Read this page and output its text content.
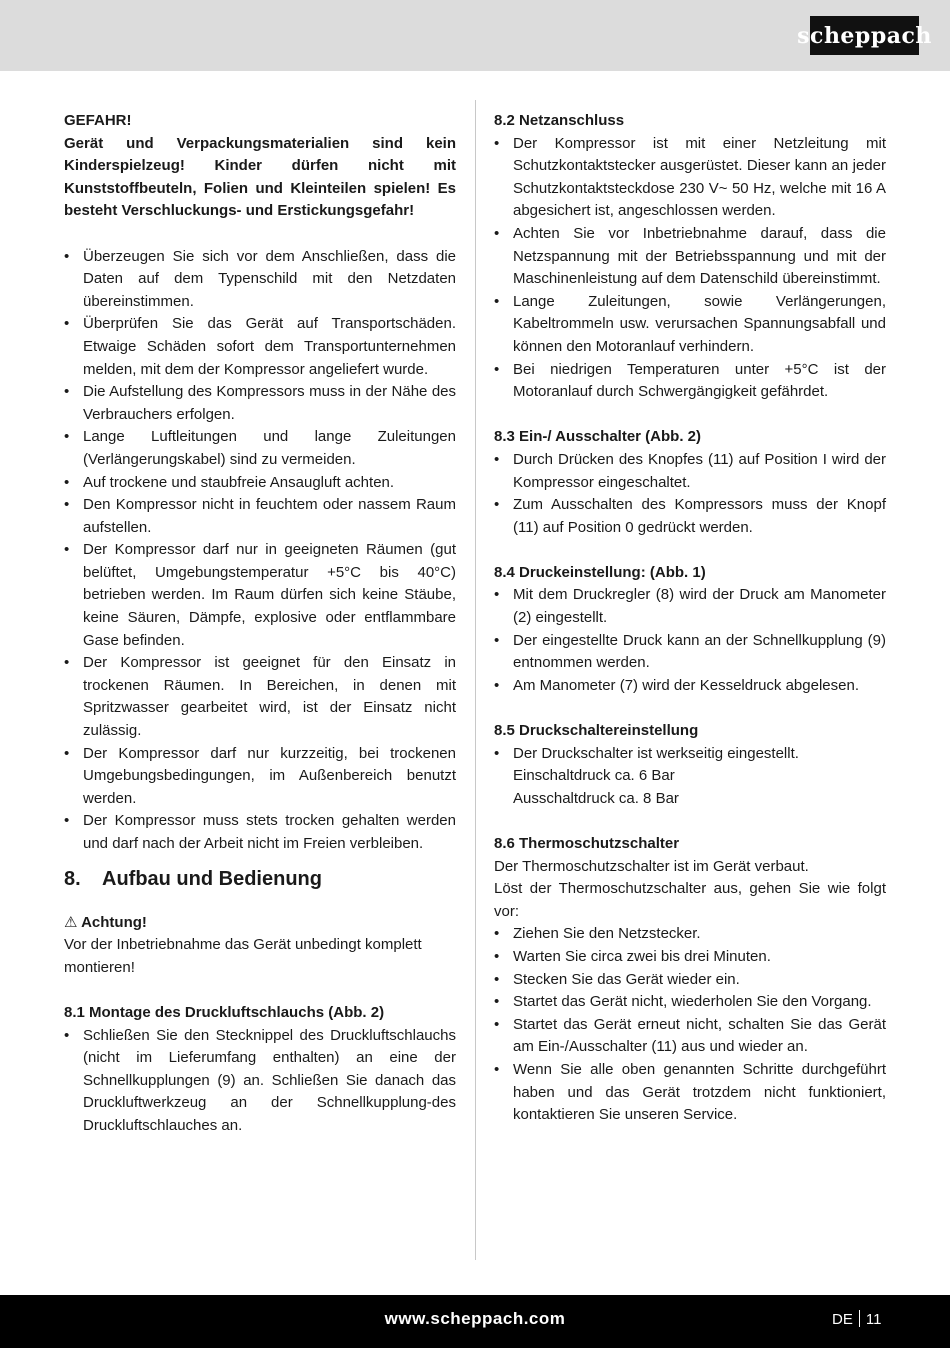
scheppach
GEFAHR!
Gerät und Verpackungsmaterialien sind kein Kinderspielzeug! Kinder dürfen nicht mit Kunststoffbeuteln, Folien und Kleinteilen spielen! Es besteht Verschluckungs- und Erstickungsgefahr!
• Überzeugen Sie sich vor dem Anschließen, dass die Daten auf dem Typenschild mit den Netzdaten übereinstimmen.
• Überprüfen Sie das Gerät auf Transportschäden. Etwaige Schäden sofort dem Transportunternehmen melden, mit dem der Kompressor angeliefert wurde.
• Die Aufstellung des Kompressors muss in der Nähe des Verbrauchers erfolgen.
• Lange Luftleitungen und lange Zuleitungen (Verlängerungskabel) sind zu vermeiden.
• Auf trockene und staubfreie Ansaugluft achten.
• Den Kompressor nicht in feuchtem oder nassem Raum aufstellen.
• Der Kompressor darf nur in geeigneten Räumen (gut belüftet, Umgebungstemperatur +5°C bis 40°C) betrieben werden. Im Raum dürfen sich keine Stäube, keine Säuren, Dämpfe, explosive oder entflammbare Gase befinden.
• Der Kompressor ist geeignet für den Einsatz in trockenen Räumen. In Bereichen, in denen mit Spritzwasser gearbeitet wird, ist der Einsatz nicht zulässig.
• Der Kompressor darf nur kurzzeitig, bei trockenen Umgebungsbedingungen, im Außenbereich benutzt werden.
• Der Kompressor muss stets trocken gehalten werden und darf nach der Arbeit nicht im Freien verbleiben.
8. Aufbau und Bedienung
⚠ Achtung!

Vor der Inbetriebnahme das Gerät unbedingt komplett montieren!

8.1 Montage des Druckluftschlauchs (Abb. 2)
• Schließen Sie den Stecknippel des Druckluftschlauchs (nicht im Lieferumfang enthalten) an eine der Schnellkupplungen (9) an. Schließen Sie danach das Druckluftwerkzeug an der Schnellkupplung-des Druckluftschlauches an.
8.2 Netzanschluss
• Der Kompressor ist mit einer Netzleitung mit Schutzkontaktstecker ausgerüstet. Dieser kann an jeder Schutzkontaktsteckdose 230 V~ 50 Hz, welche mit 16 A abgesichert ist, angeschlossen werden.
• Achten Sie vor Inbetriebnahme darauf, dass die Netzspannung mit der Betriebsspannung und mit der Maschinenleistung auf dem Datenschild übereinstimmt.
• Lange Zuleitungen, sowie Verlängerungen, Kabeltrommeln usw. verursachen Spannungsabfall und können den Motoranlauf verhindern.
• Bei niedrigen Temperaturen unter +5°C ist der Motoranlauf durch Schwergängigkeit gefährdet.
8.3 Ein-/ Ausschalter (Abb. 2)
• Durch Drücken des Knopfes (11) auf Position I wird der Kompressor eingeschaltet.
• Zum Ausschalten des Kompressors muss der Knopf (11) auf Position 0 gedrückt werden.
8.4 Druckeinstellung: (Abb. 1)
• Mit dem Druckregler (8) wird der Druck am Manometer (2) eingestellt.
• Der eingestellte Druck kann an der Schnellkupplung (9) entnommen werden.
• Am Manometer (7) wird der Kesseldruck abgelesen.
8.5 Druckschaltereinstellung
• Der Druckschalter ist werkseitig eingestellt.
Einschaltdruck ca. 6 Bar
Ausschaltdruck ca. 8 Bar
8.6 Thermoschutzschalter

Der Thermoschutzschalter ist im Gerät verbaut.

Löst der Thermoschutzschalter aus, gehen Sie wie folgt vor:

• Ziehen Sie den Netzstecker.
• Warten Sie circa zwei bis drei Minuten.
• Stecken Sie das Gerät wieder ein.
• Startet das Gerät nicht, wiederholen Sie den Vorgang.
• Startet das Gerät erneut nicht, schalten Sie das Gerät am Ein-/Ausschalter (11) aus und wieder an.
• Wenn Sie alle oben genannten Schritte durchgeführt haben und das Gerät trotzdem nicht funktioniert, kontaktieren Sie unseren Service.
www.scheppach.com	DE 11
